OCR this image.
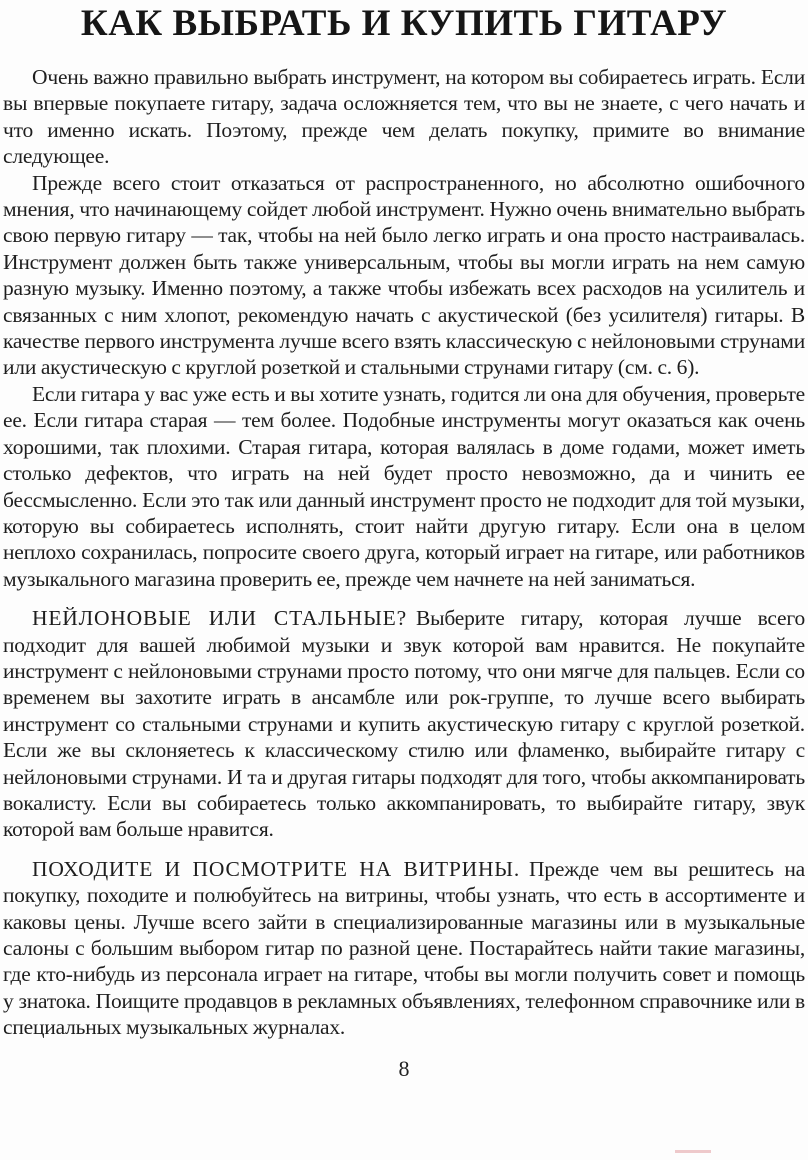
КАК ВЫБРАТЬ И КУПИТЬ ГИТАРУ

Очень важно правильно выбрать инструмент, на котором вы собираетесь играть. Если вы впервые покупаете гитару, задача осложняется тем, что вы не знаете, с чего начать и что именно искать. Поэтому, прежде чем делать покупку, примите во внимание следующее.

Прежде всего стоит отказаться от распространенного, но абсолютно ошибочного мнения, что начинающему сойдет любой инструмент. Нужно очень внимательно выбрать свою первую гитару — так, чтобы на ней было легко играть и она просто настраивалась. Инструмент должен быть также универсальным, чтобы вы могли играть на нем самую разную музыку. Именно поэтому, а также чтобы избежать всех расходов на усилитель и связанных с ним хлопот, рекомендую начать с акустической (без усилителя) гитары. В качестве первого инструмента лучше всего взять классическую с нейлоновыми струнами или акустическую с круглой розеткой и стальными струнами гитару (см. с. 6).

Если гитара у вас уже есть и вы хотите узнать, годится ли она для обучения, проверьте ее. Если гитара старая — тем более. Подобные инструменты могут оказаться как очень хорошими, так плохими. Старая гитара, которая валялась в доме годами, может иметь столько дефектов, что играть на ней будет просто невозможно, да и чинить ее бессмысленно. Если это так или данный инструмент просто не подходит для той музыки, которую вы собираетесь исполнять, стоит найти другую гитару. Если она в целом неплохо сохранилась, попросите своего друга, который играет на гитаре, или работников музыкального магазина проверить ее, прежде чем начнете на ней заниматься.

НЕЙЛОНОВЫЕ ИЛИ СТАЛЬНЫЕ? Выберите гитару, которая лучше всего подходит для вашей любимой музыки и звук которой вам нравится. Не покупайте инструмент с нейлоновыми струнами просто потому, что они мягче для пальцев. Если со временем вы захотите играть в ансамбле или рок-группе, то лучше всего выбирать инструмент со стальными струнами и купить акустическую гитару с круглой розеткой. Если же вы склоняетесь к классическому стилю или фламенко, выбирайте гитару с нейлоновыми струнами. И та и другая гитары подходят для того, чтобы аккомпанировать вокалисту. Если вы собираетесь только аккомпанировать, то выбирайте гитару, звук которой вам больше нравится.

ПОХОДИТЕ И ПОСМОТРИТЕ НА ВИТРИНЫ. Прежде чем вы решитесь на покупку, походите и полюбуйтесь на витрины, чтобы узнать, что есть в ассортименте и каковы цены. Лучше всего зайти в специализированные магазины или в музыкальные салоны с большим выбором гитар по разной цене. Постарайтесь найти такие магазины, где кто-нибудь из персонала играет на гитаре, чтобы вы могли получить совет и помощь у знатока. Поищите продавцов в рекламных объявлениях, телефонном справочнике или в специальных музыкальных журналах.

8
